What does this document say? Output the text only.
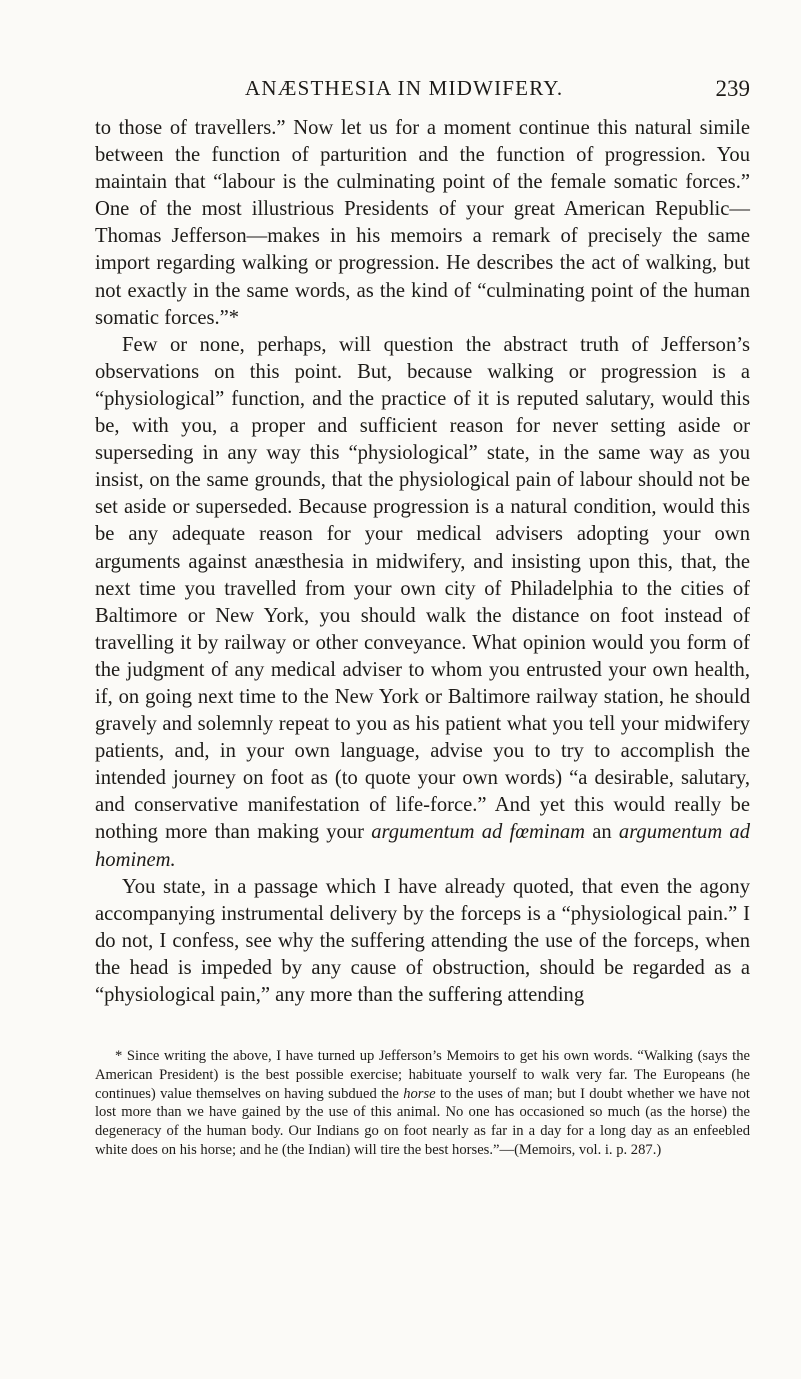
ANÆSTHESIA IN MIDWIFERY.	239

to those of travellers.” Now let us for a moment continue this natural simile between the function of parturition and the function of progression. You maintain that “labour is the culminating point of the female somatic forces.” One of the most illustrious Presidents of your great American Republic—Thomas Jefferson—makes in his memoirs a remark of precisely the same import regarding walking or progression. He describes the act of walking, but not exactly in the same words, as the kind of “culminating point of the human somatic forces.”*

Few or none, perhaps, will question the abstract truth of Jefferson’s observations on this point. But, because walking or progression is a “physiological” function, and the practice of it is reputed salutary, would this be, with you, a proper and sufficient reason for never setting aside or superseding in any way this “physiological” state, in the same way as you insist, on the same grounds, that the physiological pain of labour should not be set aside or superseded. Because progression is a natural condition, would this be any adequate reason for your medical advisers adopting your own arguments against anæsthesia in midwifery, and insisting upon this, that, the next time you travelled from your own city of Philadelphia to the cities of Baltimore or New York, you should walk the distance on foot instead of travelling it by railway or other conveyance. What opinion would you form of the judgment of any medical adviser to whom you entrusted your own health, if, on going next time to the New York or Baltimore railway station, he should gravely and solemnly repeat to you as his patient what you tell your midwifery patients, and, in your own language, advise you to try to accomplish the intended journey on foot as (to quote your own words) “a desirable, salutary, and conservative manifestation of life-force.” And yet this would really be nothing more than making your argumentum ad fœminam an argumentum ad hominem.

You state, in a passage which I have already quoted, that even the agony accompanying instrumental delivery by the forceps is a “physiological pain.” I do not, I confess, see why the suffering attending the use of the forceps, when the head is impeded by any cause of obstruction, should be regarded as a “physiological pain,” any more than the suffering attending

* Since writing the above, I have turned up Jefferson’s Memoirs to get his own words. “Walking (says the American President) is the best possible exercise; habituate yourself to walk very far. The Europeans (he continues) value themselves on having subdued the horse to the uses of man; but I doubt whether we have not lost more than we have gained by the use of this animal. No one has occasioned so much (as the horse) the degeneracy of the human body. Our Indians go on foot nearly as far in a day for a long day as an enfeebled white does on his horse; and he (the Indian) will tire the best horses.”—(Memoirs, vol. i. p. 287.)
